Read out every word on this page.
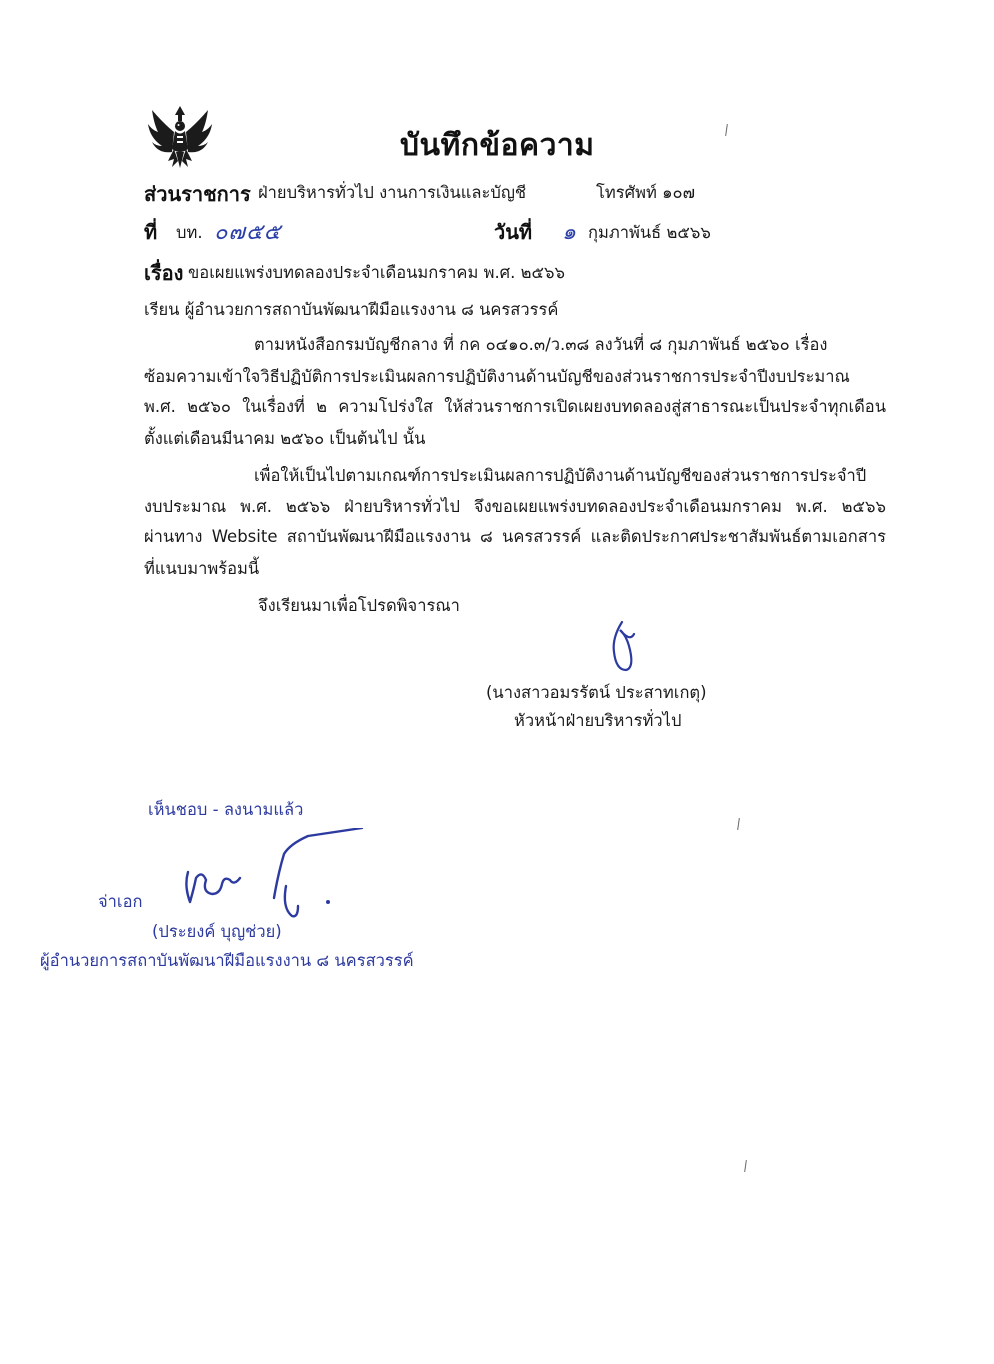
บันทึกข้อความ
ส่วนราชการ ฝ่ายบริหารทั่วไป งานการเงินและบัญชี	โทรศัพท์ ๑๐๗
ที่ บท. ๐๗๕๕	วันที่ ๑ กุมภาพันธ์ ๒๕๖๖
เรื่อง ขอเผยแพร่งบทดลองประจำเดือนมกราคม พ.ศ. ๒๕๖๖
เรียน ผู้อำนวยการสถาบันพัฒนาฝีมือแรงงาน ๘ นครสวรรค์
ตามหนังสือกรมบัญชีกลาง ที่ กค ๐๔๑๐.๓/ว.๓๘ ลงวันที่ ๘ กุมภาพันธ์ ๒๕๖๐ เรื่อง
ซ้อมความเข้าใจวิธีปฏิบัติการประเมินผลการปฏิบัติงานด้านบัญชีของส่วนราชการประจำปีงบประมาณ
พ.ศ. ๒๕๖๐ ในเรื่องที่ ๒ ความโปร่งใส ให้ส่วนราชการเปิดเผยงบทดลองสู่สาธารณะเป็นประจำทุกเดือน
ตั้งแต่เดือนมีนาคม ๒๕๖๐ เป็นต้นไป นั้น
เพื่อให้เป็นไปตามเกณฑ์การประเมินผลการปฏิบัติงานด้านบัญชีของส่วนราชการประจำปี
งบประมาณ พ.ศ. ๒๕๖๖ ฝ่ายบริหารทั่วไป จึงขอเผยแพร่งบทดลองประจำเดือนมกราคม พ.ศ. ๒๕๖๖
ผ่านทาง Website สถาบันพัฒนาฝีมือแรงงาน ๘ นครสวรรค์ และติดประกาศประชาสัมพันธ์ตามเอกสาร
ที่แนบมาพร้อมนี้
จึงเรียนมาเพื่อโปรดพิจารณา
(นางสาวอมรรัตน์ ประสาทเกตุ)
หัวหน้าฝ่ายบริหารทั่วไป
เห็นชอบ - ลงนามแล้ว
จ่าเอก
(ประยงค์ บุญช่วย)
ผู้อำนวยการสถาบันพัฒนาฝีมือแรงงาน ๘ นครสวรรค์
